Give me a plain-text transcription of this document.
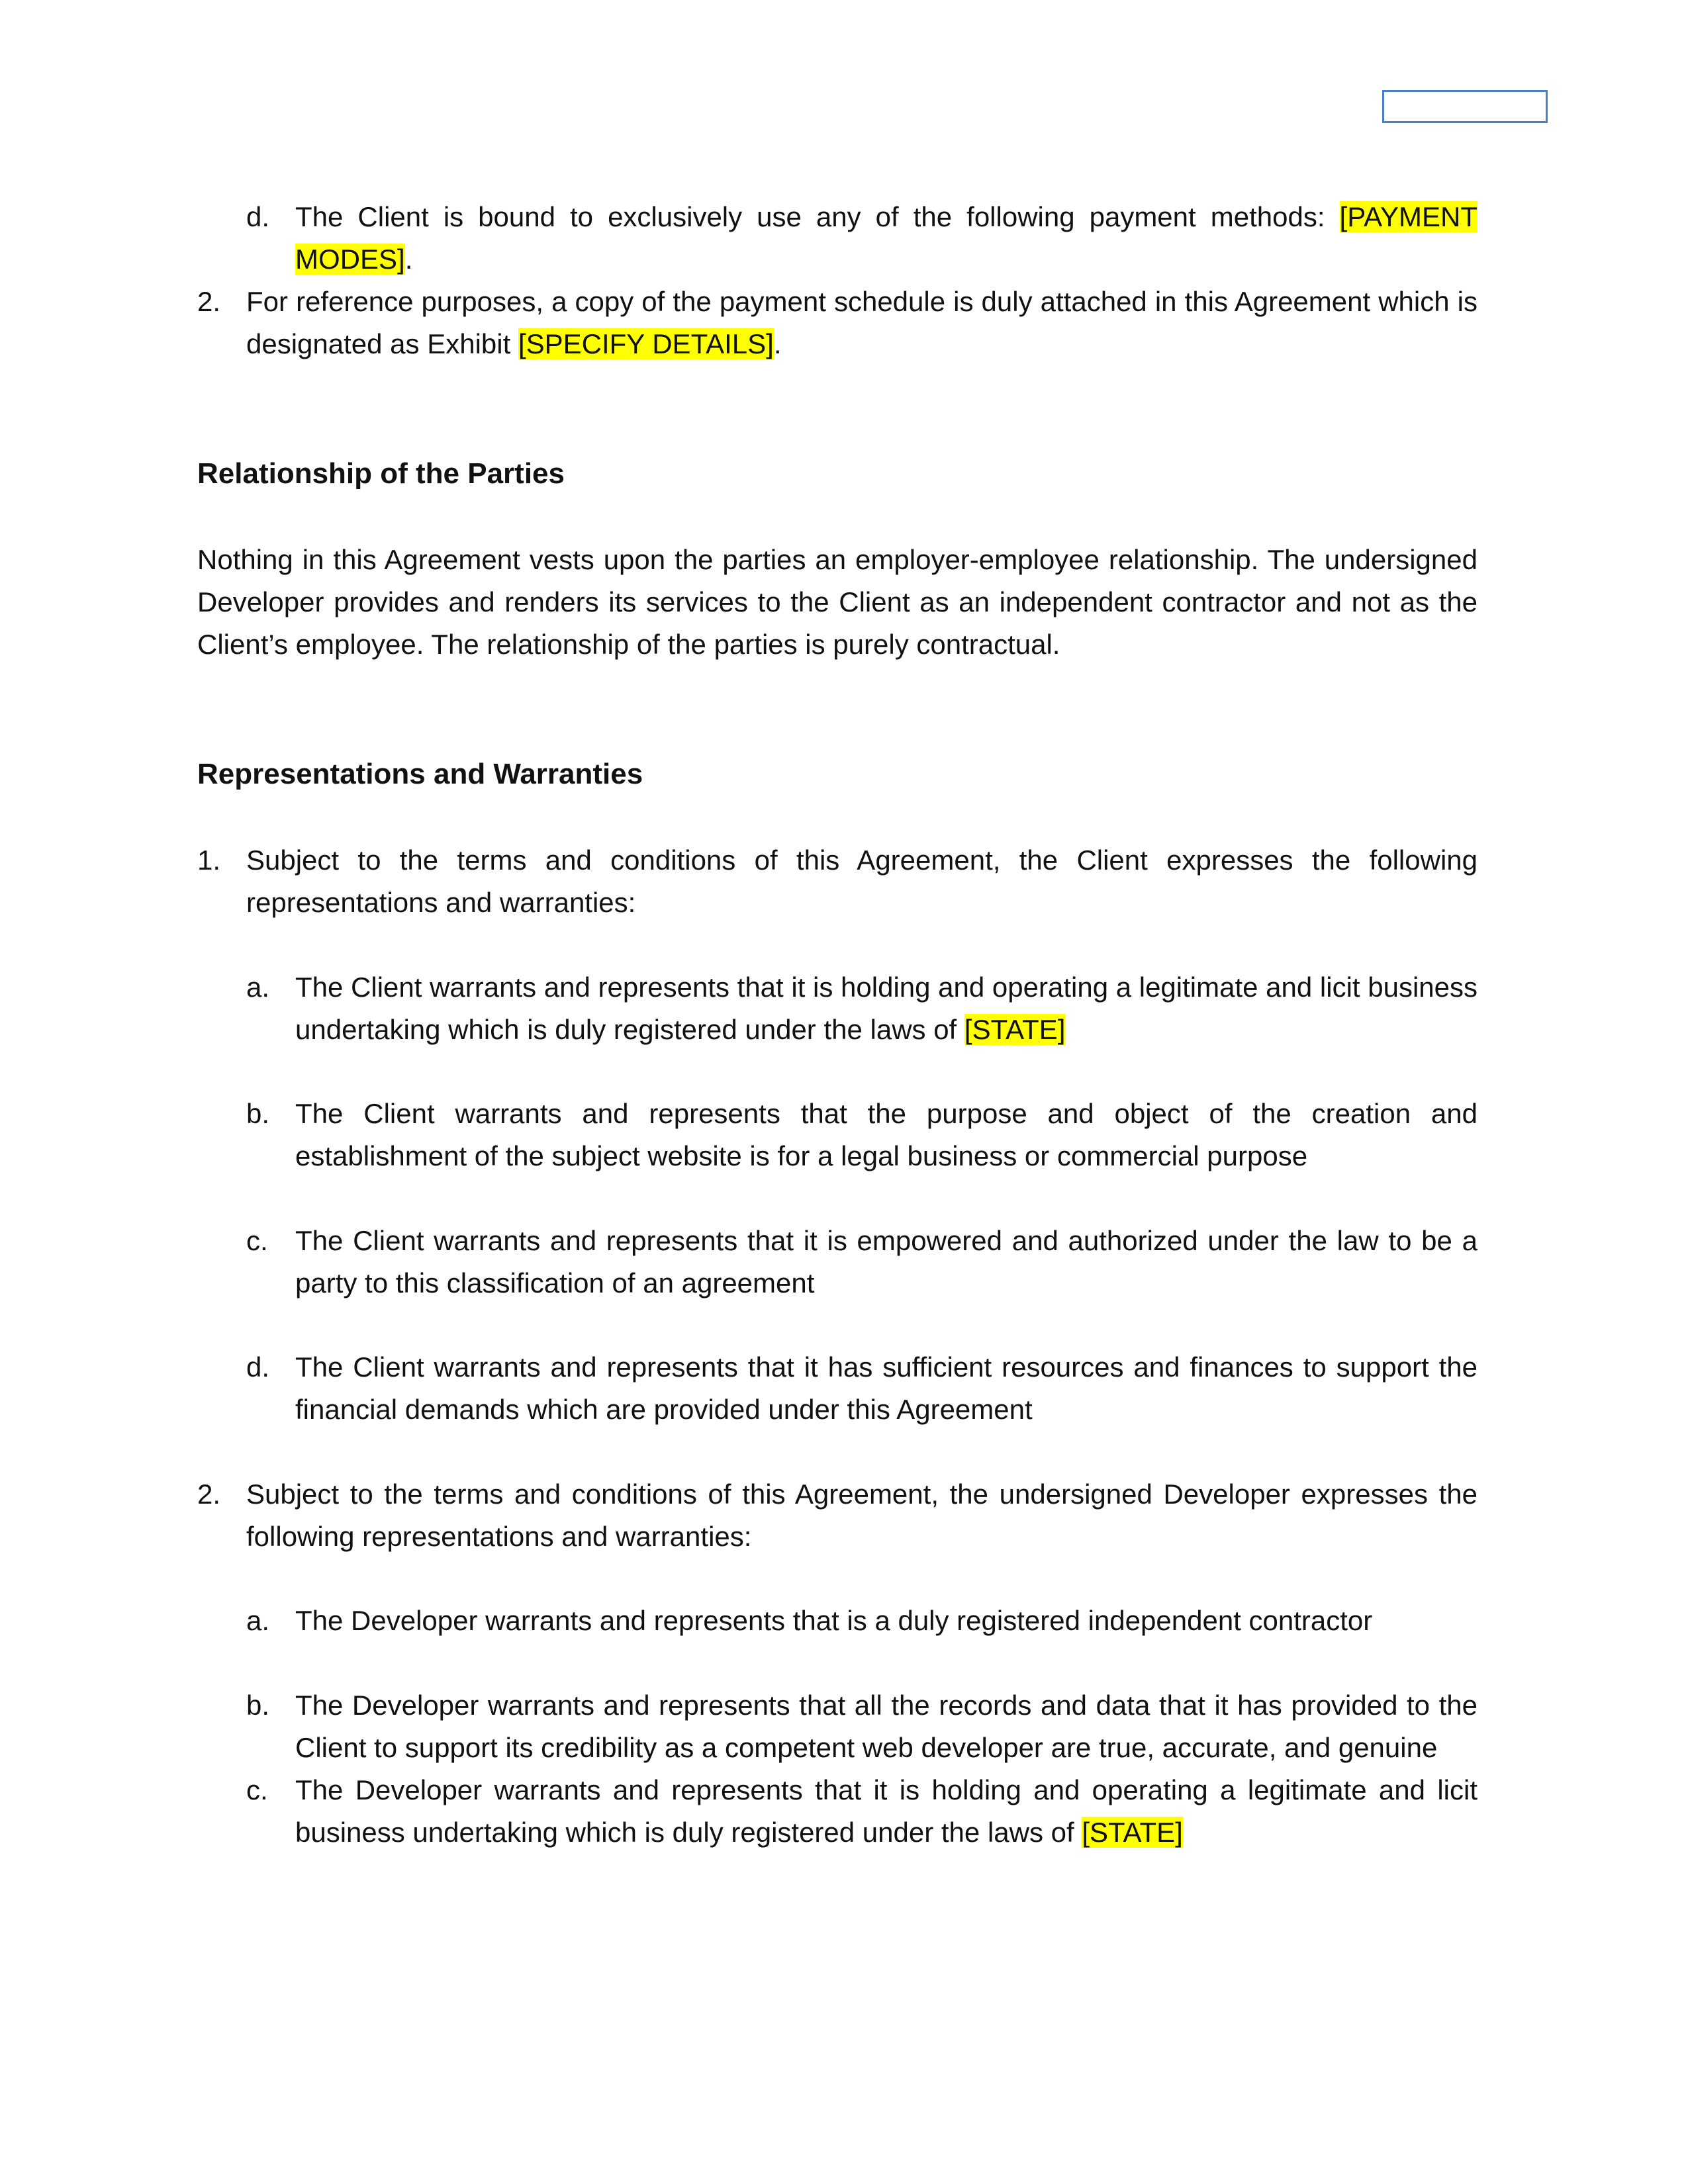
d. The Client is bound to exclusively use any of the following payment methods: [PAYMENT MODES].

2. For reference purposes, a copy of the payment schedule is duly attached in this Agreement which is designated as Exhibit [SPECIFY DETAILS].

Relationship of the Parties

Nothing in this Agreement vests upon the parties an employer-employee relationship. The undersigned Developer provides and renders its services to the Client as an independent contractor and not as the Client’s employee. The relationship of the parties is purely contractual.

Representations and Warranties
1. Subject to the terms and conditions of this Agreement, the Client expresses the following representations and warranties:

a. The Client warrants and represents that it is holding and operating a legitimate and licit business undertaking which is duly registered under the laws of [STATE]

b. The Client warrants and represents that the purpose and object of the creation and establishment of the subject website is for a legal business or commercial purpose

c. The Client warrants and represents that it is empowered and authorized under the law to be a party to this classification of an agreement

d. The Client warrants and represents that it has sufficient resources and finances to support the financial demands which are provided under this Agreement

2. Subject to the terms and conditions of this Agreement, the undersigned Developer expresses the following representations and warranties:

a. The Developer warrants and represents that is a duly registered independent contractor

b. The Developer warrants and represents that all the records and data that it has provided to the Client to support its credibility as a competent web developer are true, accurate, and genuine

c. The Developer warrants and represents that it is holding and operating a legitimate and licit business undertaking which is duly registered under the laws of [STATE]
